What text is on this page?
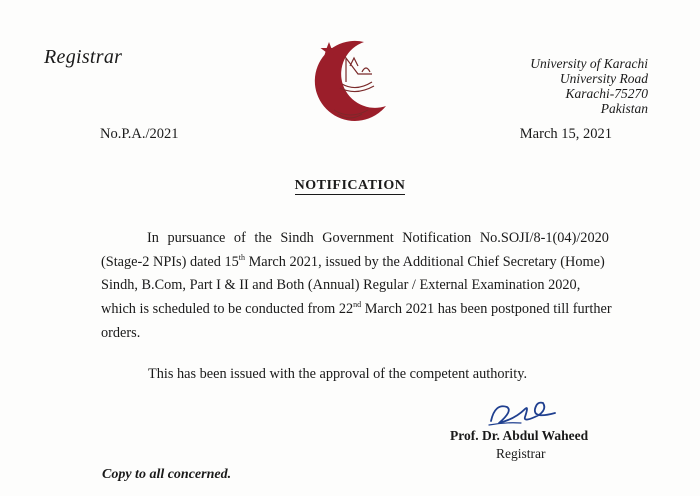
Registrar	University of Karachi
University Road
Karachi-75270
Pakistan
No.P.A./2021	March 15, 2021
NOTIFICATION
In pursuance of the Sindh Government Notification No.SOJI/8-1(04)/2020
(Stage-2 NPIs) dated 15th March 2021, issued by the Additional Chief Secretary (Home)
Sindh, B.Com, Part I & II and Both (Annual) Regular / External Examination 2020,
which is scheduled to be conducted from 22nd March 2021 has been postponed till further
orders.
This has been issued with the approval of the competent authority.
Prof. Dr. Abdul Waheed
Registrar
Copy to all concerned.
